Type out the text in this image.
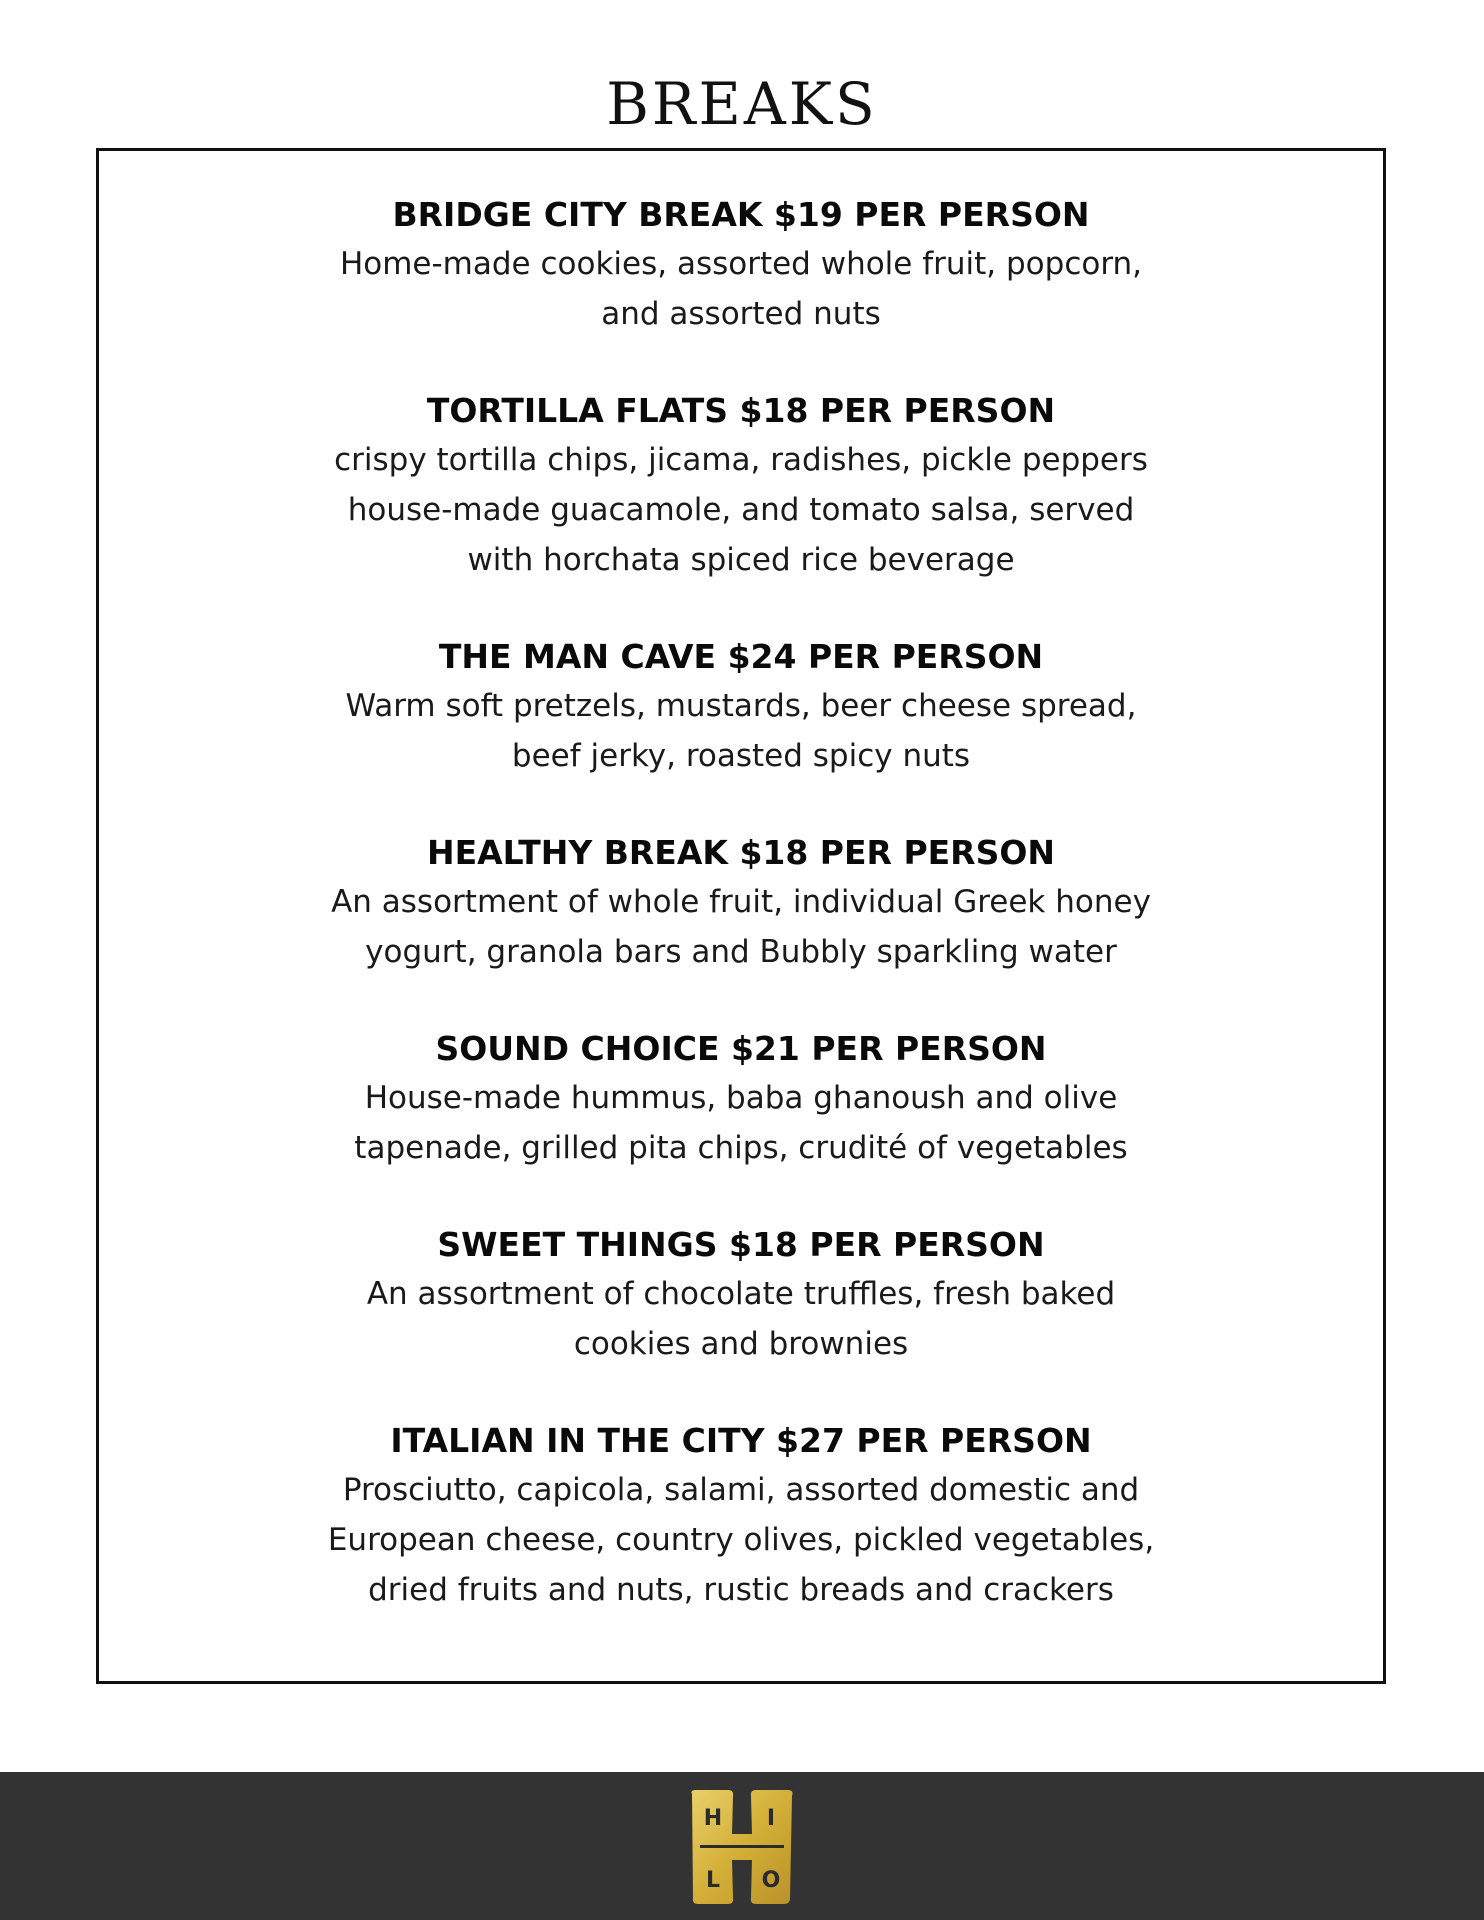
BREAKS
BRIDGE CITY BREAK $19 PER PERSON
Home-made cookies, assorted whole fruit, popcorn,
and assorted nuts
TORTILLA FLATS $18 PER PERSON
crispy tortilla chips, jicama, radishes, pickle peppers
house-made guacamole, and tomato salsa, served
with horchata spiced rice beverage
THE MAN CAVE $24 PER PERSON
Warm soft pretzels, mustards, beer cheese spread,
beef jerky, roasted spicy nuts
HEALTHY BREAK $18 PER PERSON
An assortment of whole fruit, individual Greek honey
yogurt, granola bars and Bubbly sparkling water
SOUND CHOICE $21 PER PERSON
House-made hummus, baba ghanoush and olive
tapenade, grilled pita chips, crudité of vegetables
SWEET THINGS $18 PER PERSON
An assortment of chocolate truffles, fresh baked
cookies and brownies
ITALIAN IN THE CITY $27 PER PERSON
Prosciutto, capicola, salami, assorted domestic and
European cheese, country olives, pickled vegetables,
dried fruits and nuts, rustic breads and crackers
H I
L O
